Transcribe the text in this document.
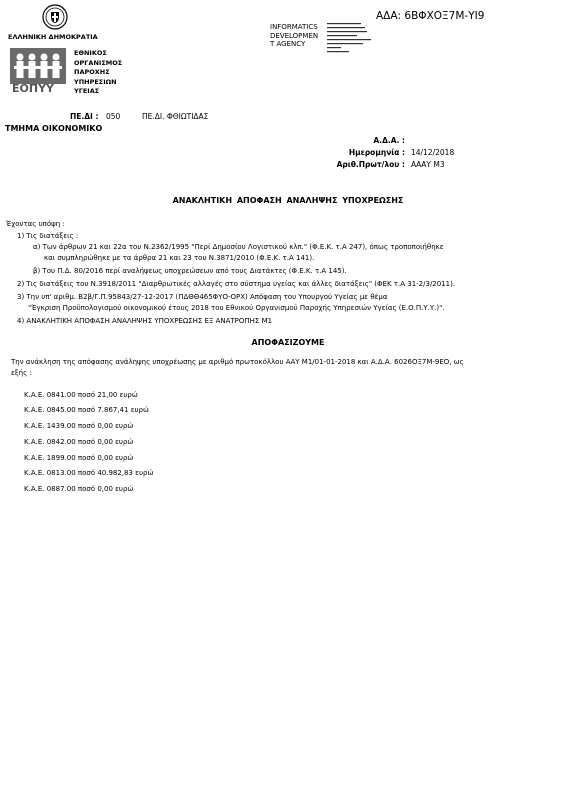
ΑΔΑ: 6ΒΦΧΟΞ7Μ-ΥΙ9
ΕΛΛΗΝΙΚΗ ΔΗΜΟΚΡΑΤΙΑ
ΕΟΠΥΥ
ΕΘΝΙΚΟΣ
ΟΡΓΑΝΙΣΜΟΣ
ΠΑΡΟΧΗΣ
ΥΠΗΡΕΣΙΩΝ
ΥΓΕΙΑΣ
INFORMATICS
DEVELOPMEN
T AGENCY
ΠΕ.ΔΙ : 050	ΠΕ.ΔΙ. ΦΘΙΩΤΙΔΑΣ
ΤΜΗΜΑ ΟΙΚΟΝΟΜΙΚΟ
Α.Δ.Α. :
Ημερομηνία : 14/12/2018
Αριθ.Πρωτ/λου : ΑΑΑΥ Μ3
ΑΝΑΚΛΗΤΙΚΗ ΑΠΟΦΑΣΗ ΑΝΑΛΗΨΗΣ ΥΠΟΧΡΕΩΣΗΣ
Έχοντας υπόψη :
1) Τις διατάξεις :
α) Των άρθρων 21 και 22α του Ν.2362/1995 "Περί Δημοσίου Λογιστικού κλπ." (Φ.Ε.Κ. τ.Α 247), όπως τροποποιήθηκε
και συμπληρώθηκε με τα άρθρα 21 και 23 του Ν.3871/2010 (Φ.Ε.Κ. τ.Α 141).
β) Του Π.Δ. 80/2016 περί αναλήψεως υποχρεώσεων από τους Διατάκτες (Φ.Ε.Κ. τ.Α 145).
2) Τις διατάξεις του Ν.3918/2011 "Διαρθρωτικές αλλαγές στο σύστημα υγείας και άλλες διατάξεις" (ΦΕΚ τ.Α 31-2/3/2011).
3) Την υπ' αριθμ. Β2β/Γ.Π.95843/27-12-2017 (ΠΔΘΘ465ΦΥΟ-ΟΡΧ) Απόφαση του Υπουργού Υγείας με θέμα
"Έγκριση Προϋπολογισμού οικονομικού έτους 2018 του Εθνικού Οργανισμού Παροχής Υπηρεσιών Υγείας (Ε.Ο.Π.Υ.Υ.)".
4) ΑΝΑΚΛΗΤΙΚΗ ΑΠΟΦΑΣΗ ΑΝΑΛΗΨΗΣ ΥΠΟΧΡΕΩΣΗΣ ΕΞ ΑΝΑΤΡΟΠΗΣ Μ1
ΑΠΟΦΑΣΙΖΟΥΜΕ
Την ανάκληση της απόφασης ανάληψης υποχρέωσης με αριθμό πρωτοκόλλου ΑΑΥ Μ1/01-01-2018 και Α.Δ.Α. 6026ΟΞ7Μ-9ΕΟ, ως
εξής :
Κ.Α.Ε. 0841.00 ποσό 21,00 ευρώ
Κ.Α.Ε. 0845.00 ποσό 7.867,41 ευρώ
Κ.Α.Ε. 1439.00 ποσό 0,00 ευρώ
Κ.Α.Ε. 0842.00 ποσό 0,00 ευρώ
Κ.Α.Ε. 1899.00 ποσό 0,00 ευρώ
Κ.Α.Ε. 0813.00 ποσό 40.982,83 ευρώ
Κ.Α.Ε. 0887.00 ποσό 0,00 ευρώ
